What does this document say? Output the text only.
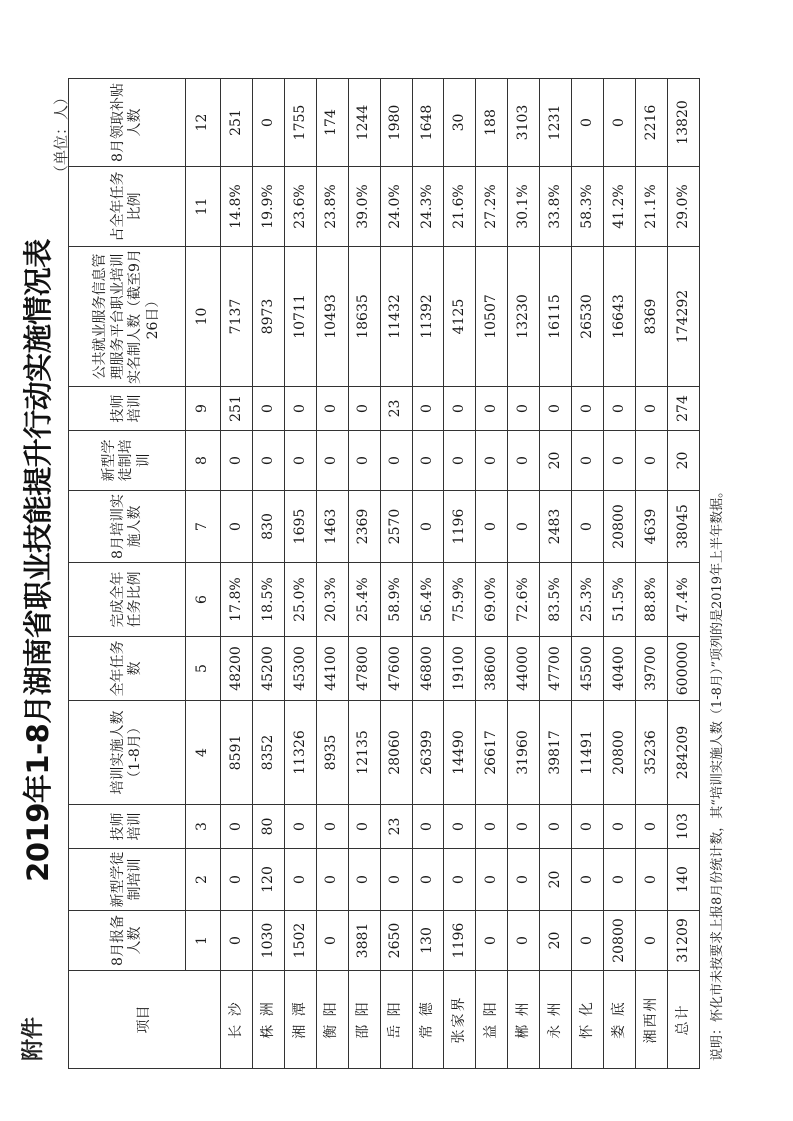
附件
2019年1-8月湖南省职业技能提升行动实施情况表
（单位：人）
项目	8月报备人数	新型学徒制培训	技师培训	培训实施人数（1-8月）	全年任务数	完成全年任务比例	8月培训实施人数	新型学徒制培训	技师培训	公共就业服务信息管理服务平台职业培训实名制人数（截至9月26日）	占全年任务比例	8月领取补贴人数
	1	2	3	4	5	6	7	8	9	10	11	12
长 沙	0	0	0	8591	48200	17.8%	0	0	251	7137	14.8%	251
株 洲	1030	120	80	8352	45200	18.5%	830	0	0	8973	19.9%	0
湘 潭	1502	0	0	11326	45300	25.0%	1695	0	0	10711	23.6%	1755
衡 阳	0	0	0	8935	44100	20.3%	1463	0	0	10493	23.8%	174
邵 阳	3881	0	0	12135	47800	25.4%	2369	0	0	18635	39.0%	1244
岳 阳	2650	0	23	28060	47600	58.9%	2570	0	23	11432	24.0%	1980
常 德	130	0	0	26399	46800	56.4%	0	0	0	11392	24.3%	1648
张家界	1196	0	0	14490	19100	75.9%	1196	0	0	4125	21.6%	30
益 阳	0	0	0	26617	38600	69.0%	0	0	0	10507	27.2%	188
郴 州	0	0	0	31960	44000	72.6%	0	0	0	13230	30.1%	3103
永 州	20	20	0	39817	47700	83.5%	2483	20	0	16115	33.8%	1231
怀 化	0	0	0	11491	45500	25.3%	0	0	0	26530	58.3%	0
娄 底	20800	0	0	20800	40400	51.5%	20800	0	0	16643	41.2%	0
湘西州	0	0	0	35236	39700	88.8%	4639	0	0	8369	21.1%	2216
总计	31209	140	103	284209	600000	47.4%	38045	20	274	174292	29.0%	13820
说明：怀化市未按要求上报8月份统计数，其“培训实施人数（1-8月）”项列的是2019年上半年数据。
